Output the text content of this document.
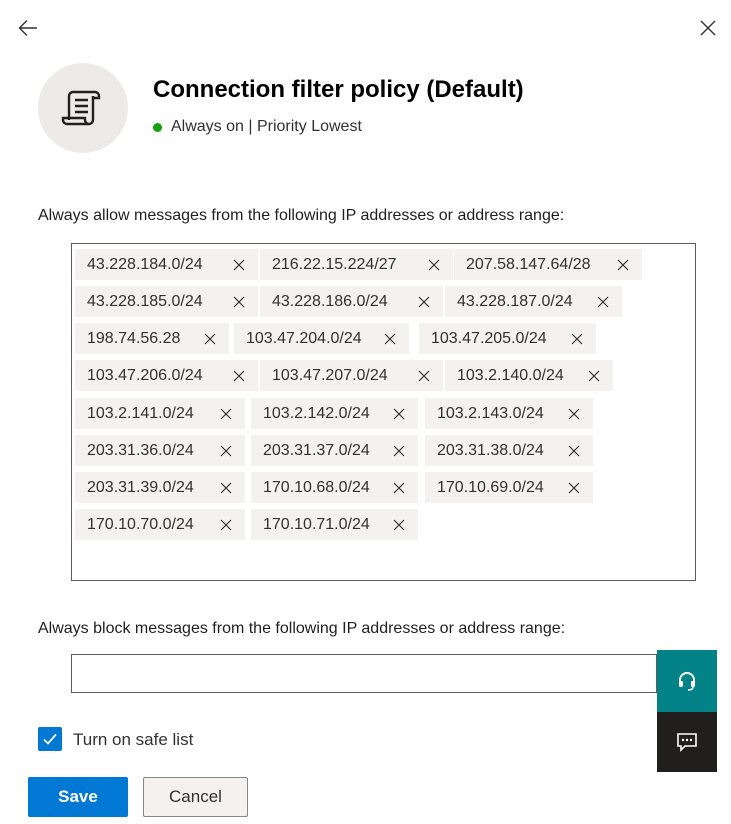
Connection filter policy (Default)
Always on | Priority Lowest
Always allow messages from the following IP addresses or address range:
43.228.184.0/24	216.22.15.224/27	207.58.147.64/28
43.228.185.0/24	43.228.186.0/24	43.228.187.0/24
198.74.56.28	103.47.204.0/24	103.47.205.0/24
103.47.206.0/24	103.47.207.0/24	103.2.140.0/24
103.2.141.0/24	103.2.142.0/24	103.2.143.0/24
203.31.36.0/24	203.31.37.0/24	203.31.38.0/24
203.31.39.0/24	170.10.68.0/24	170.10.69.0/24
170.10.70.0/24	170.10.71.0/24
Always block messages from the following IP addresses or address range:
Turn on safe list
Save	Cancel
